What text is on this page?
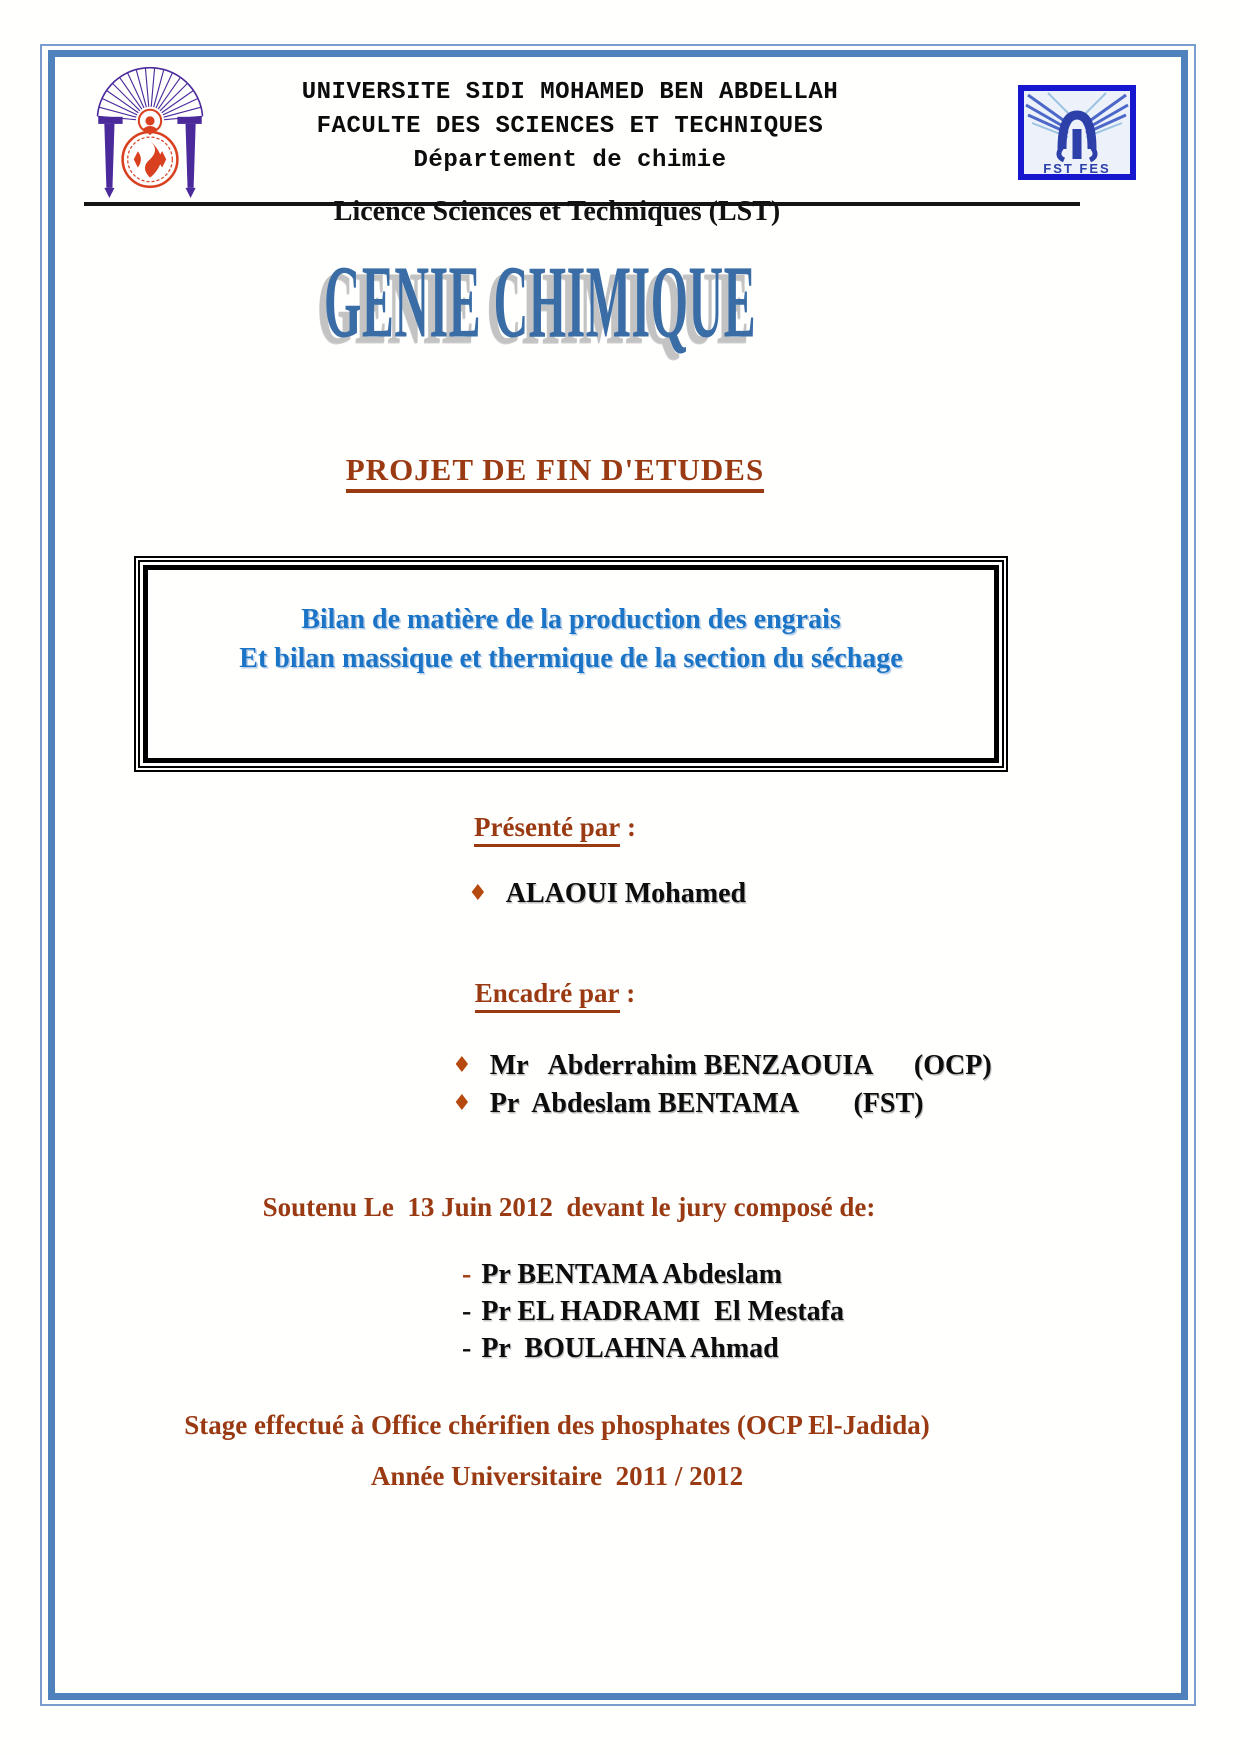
UNIVERSITE SIDI MOHAMED BEN ABDELLAH
FACULTE DES SCIENCES ET TECHNIQUES
Département de chimie	FST FES
Licence Sciences et Techniques (LST)
GENIE CHIMIQUE
PROJET DE FIN D'ETUDES
Bilan de matière de la production des engrais
Et bilan massique et thermique de la section du séchage
Présenté par :
♦ ALAOUI Mohamed
Encadré par :
♦ Mr   Abderrahim BENZAOUIA      (OCP)
♦ Pr  Abdeslam BENTAMA        (FST)
Soutenu Le  13 Juin 2012  devant le jury composé de:
- Pr BENTAMA Abdeslam
- Pr EL HADRAMI  El Mestafa
- Pr  BOULAHNA Ahmad
Stage effectué à Office chérifien des phosphates (OCP El-Jadida)
Année Universitaire  2011 / 2012
